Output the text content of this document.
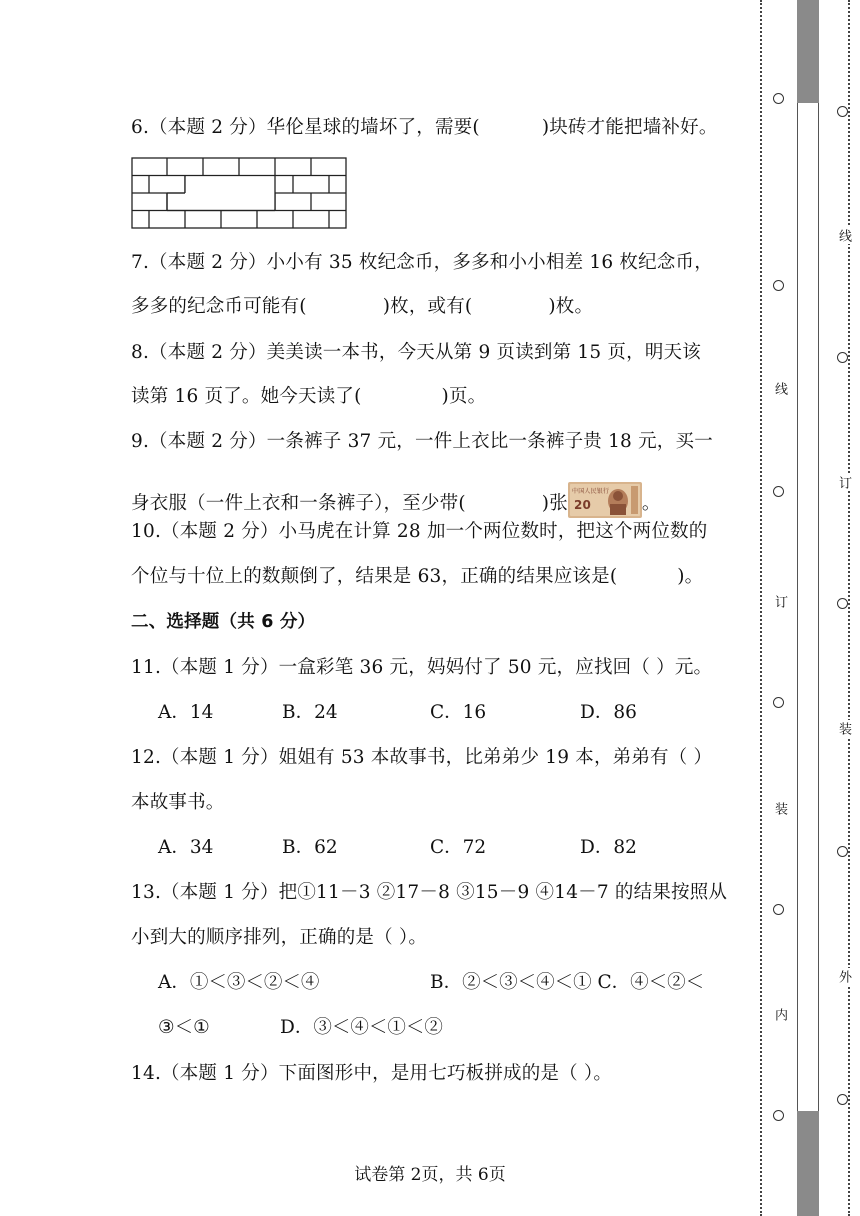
6.（本题 2 分）华伦星球的墙坏了，需要(	)块砖才能把墙补好。
7.（本题 2 分）小小有 35 枚纪念币，多多和小小相差 16 枚纪念币，
多多的纪念币可能有(	)枚，或有(	)枚。
8.（本题 2 分）美美读一本书，今天从第 9 页读到第 15 页，明天该
读第 16 页了。她今天读了(	)页。
9.（本题 2 分）一条裤子 37 元，一件上衣比一条裤子贵 18 元，买一
身衣服（一件上衣和一条裤子），至少带(	)张
中国人民银行
20	。
10.（本题 2 分）小马虎在计算 28 加一个两位数时，把这个两位数的
个位与十位上的数颠倒了，结果是 63，正确的结果应该是(	)。
二、选择题（共 6 分）
11.（本题 1 分）一盒彩笔 36 元，妈妈付了 50 元，应找回（ ）元。
A．14	B．24	C．16	D．86
12.（本题 1 分）姐姐有 53 本故事书，比弟弟少 19 本，弟弟有（ ）
本故事书。
A．34	B．62	C．72	D．82
13.（本题 1 分）把①11－3 ②17－8 ③15－9 ④14－7 的结果按照从
小到大的顺序排列，正确的是（ ）。
A．①＜③＜②＜④	B．②＜③＜④＜① C．④＜②＜
③＜①	D．③＜④＜①＜②
14.（本题 1 分）下面图形中，是用七巧板拼成的是（ ）。
试卷第 2页，共 6页
线
订
装
内
线
订
装
外
